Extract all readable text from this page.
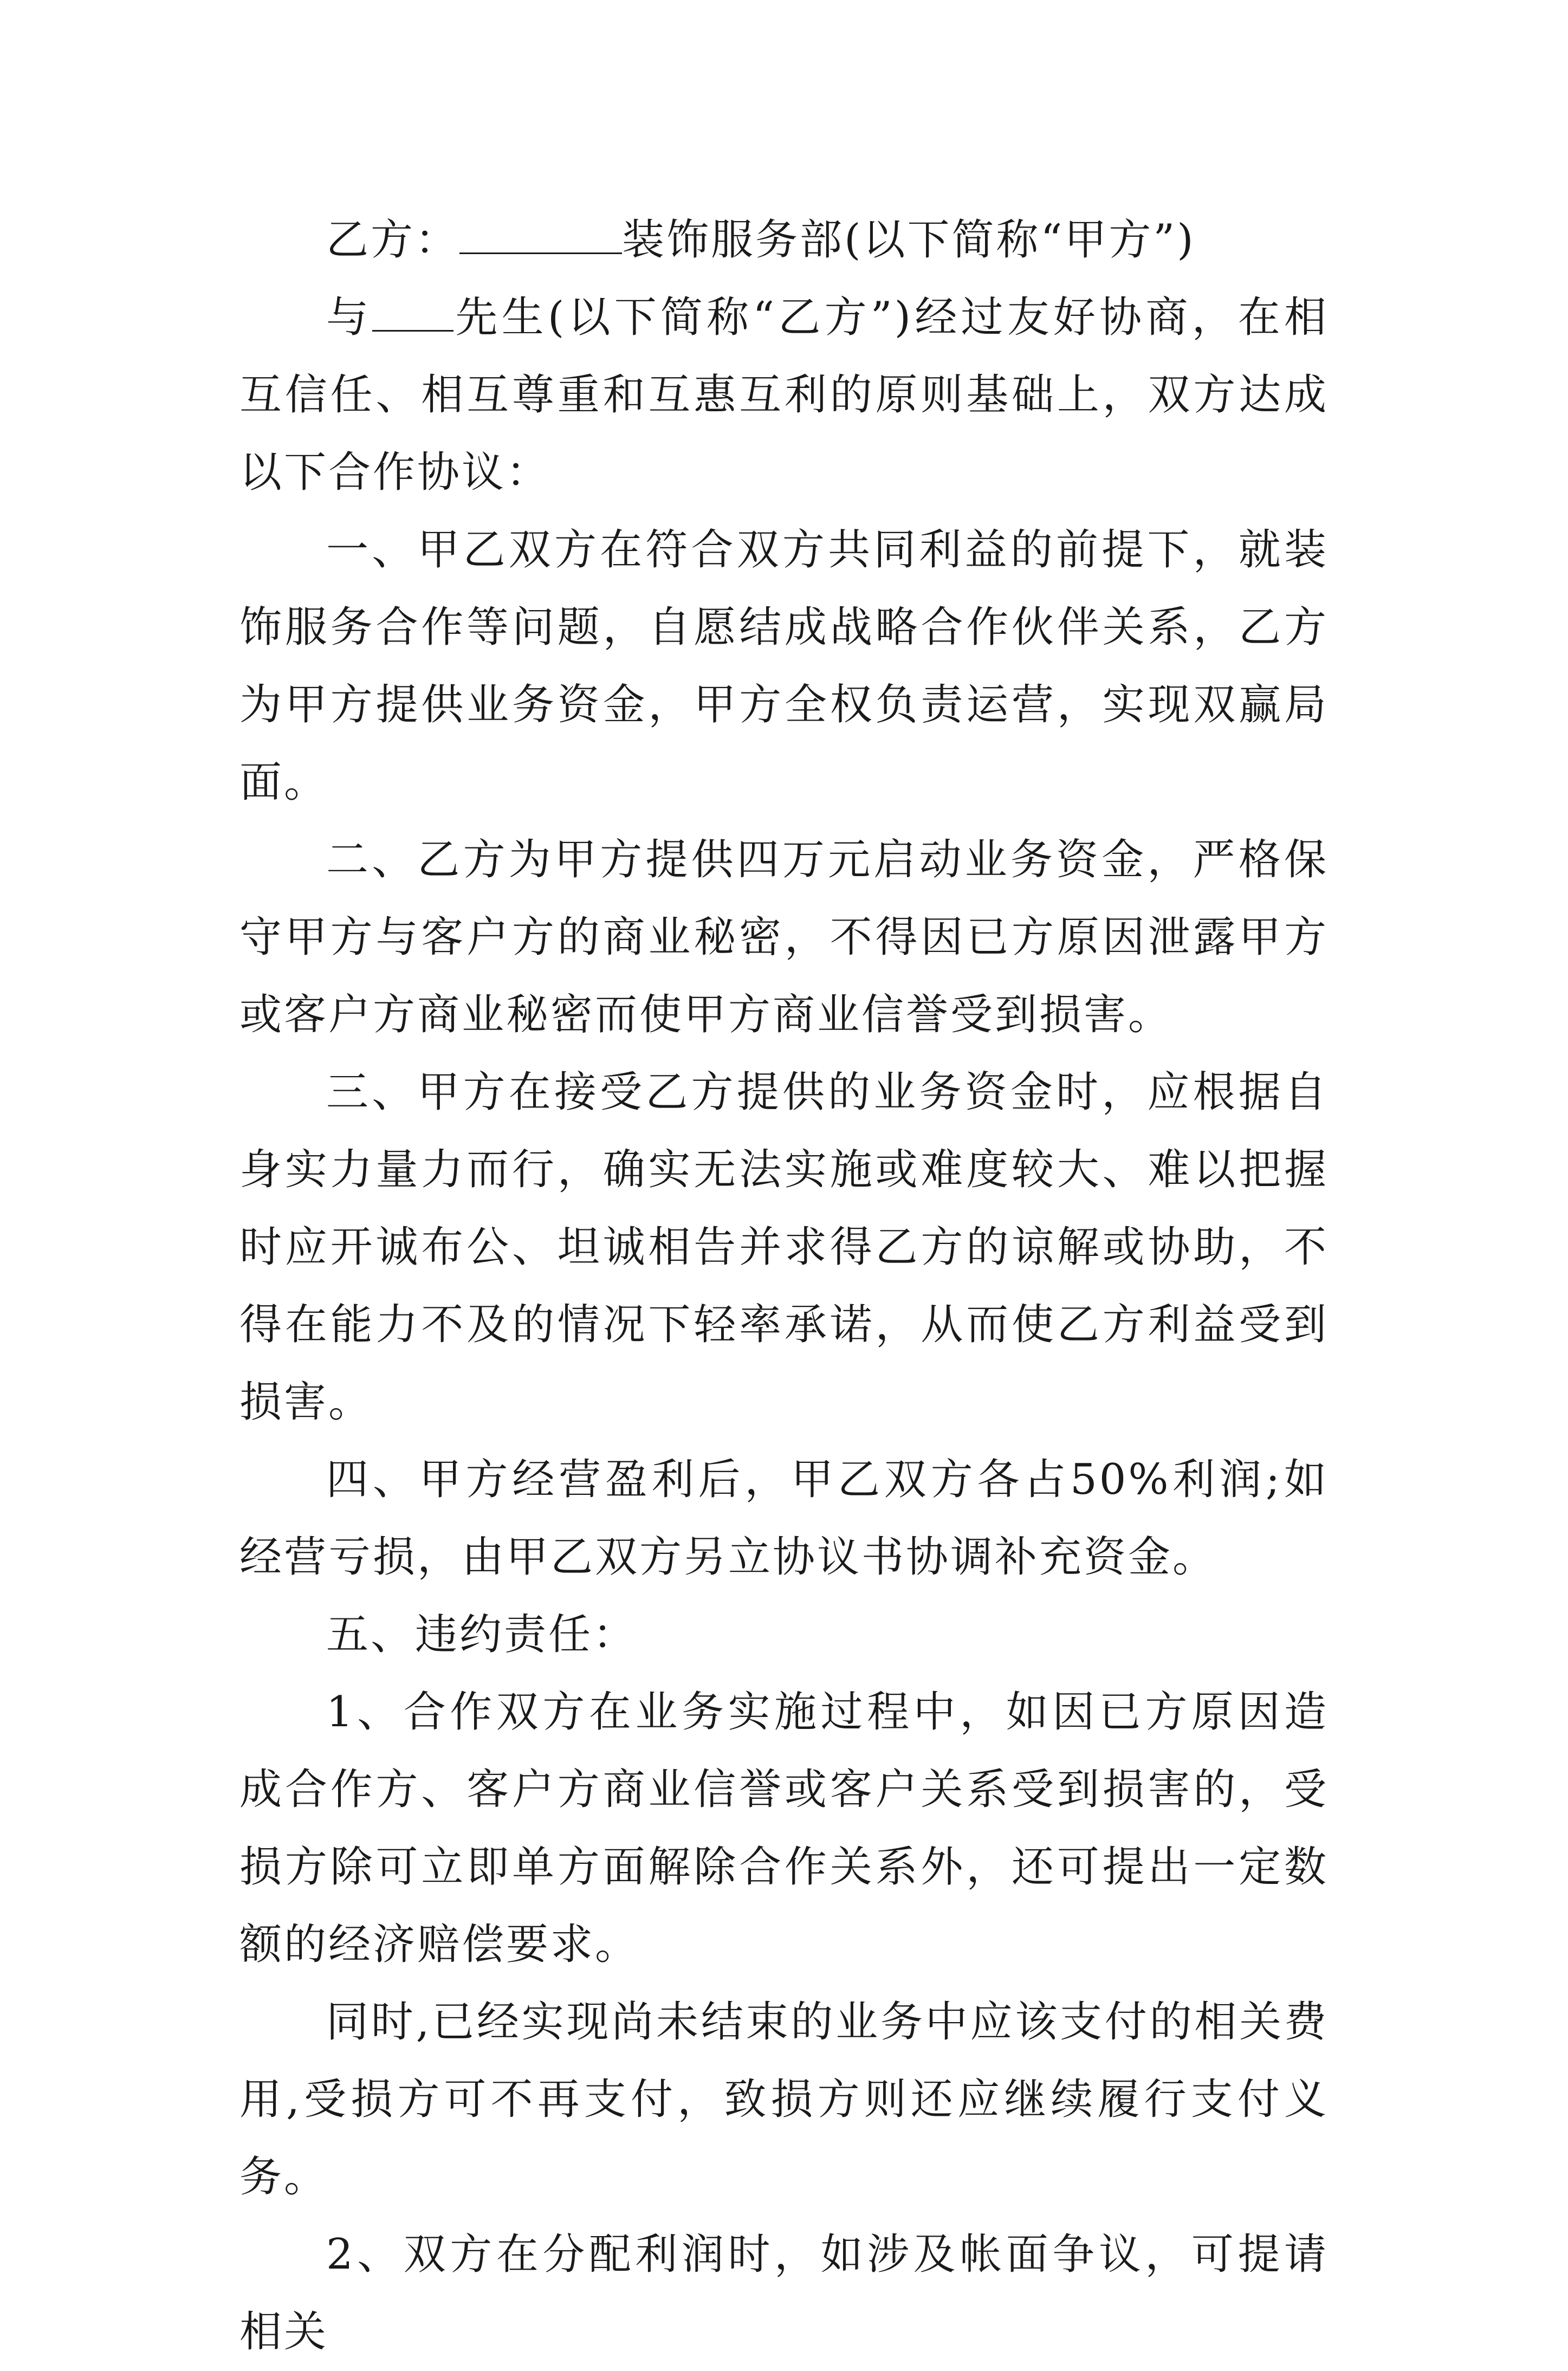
乙方：	装饰服务部(以下简称“甲方”)

与 先生(以下简称“乙方”)经过友好协商，在相互信任、相互尊重和互惠互利的原则基础上，双方达成以下合作协议：

一、甲乙双方在符合双方共同利益的前提下，就装饰服务合作等问题，自愿结成战略合作伙伴关系，乙方为甲方提供业务资金，甲方全权负责运营，实现双赢局面。

二、乙方为甲方提供四万元启动业务资金，严格保守甲方与客户方的商业秘密，不得因已方原因泄露甲方或客户方商业秘密而使甲方商业信誉受到损害。

三、甲方在接受乙方提供的业务资金时，应根据自身实力量力而行，确实无法实施或难度较大、难以把握时应开诚布公、坦诚相告并求得乙方的谅解或协助，不得在能力不及的情况下轻率承诺，从而使乙方利益受到损害。

四、甲方经营盈利后，甲乙双方各占50%利润;如经营亏损，由甲乙双方另立协议书协调补充资金。

五、违约责任：

1、合作双方在业务实施过程中，如因已方原因造成合作方、客户方商业信誉或客户关系受到损害的，受损方除可立即单方面解除合作关系外，还可提出一定数额的经济赔偿要求。

同时,已经实现尚未结束的业务中应该支付的相关费用,受损方可不再支付，致损方则还应继续履行支付义务。

2、双方在分配利润时，如涉及帐面争议，可提请相关
